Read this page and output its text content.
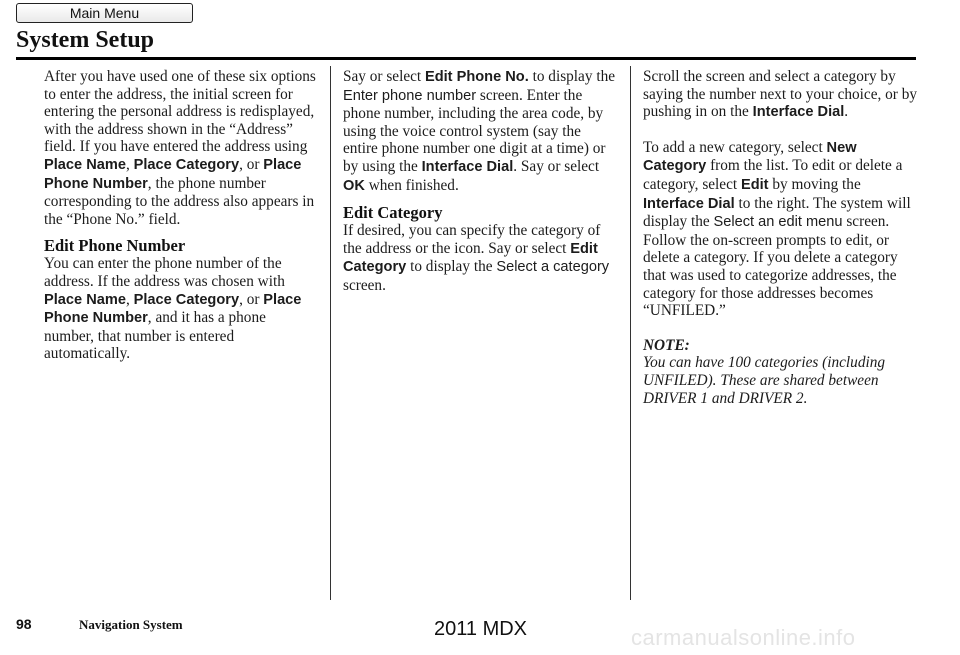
Main Menu
System Setup

After you have used one of these six options to enter the address, the initial screen for entering the personal address is redisplayed, with the address shown in the “Address” field. If you have entered the address using Place Name, Place Category, or Place Phone Number, the phone number corresponding to the address also appears in the “Phone No.” field.

Edit Phone Number

You can enter the phone number of the address. If the address was chosen with Place Name, Place Category, or Place Phone Number, and it has a phone number, that number is entered automatically.

Say or select Edit Phone No. to display the Enter phone number screen. Enter the phone number, including the area code, by using the voice control system (say the entire phone number one digit at a time) or by using the Interface Dial. Say or select OK when finished.

Edit Category

If desired, you can specify the category of the address or the icon. Say or select Edit Category to display the Select a category screen.

Scroll the screen and select a category by saying the number next to your choice, or by pushing in on the Interface Dial.

To add a new category, select New Category from the list. To edit or delete a category, select Edit by moving the Interface Dial to the right. The system will display the Select an edit menu screen. Follow the on-screen prompts to edit, or delete a category. If you delete a category that was used to categorize addresses, the category for those addresses becomes “UNFILED.”

NOTE:

You can have 100 categories (including UNFILED). These are shared between DRIVER 1 and DRIVER 2.

98	Navigation System	2011 MDX	carmanualsonline.info
